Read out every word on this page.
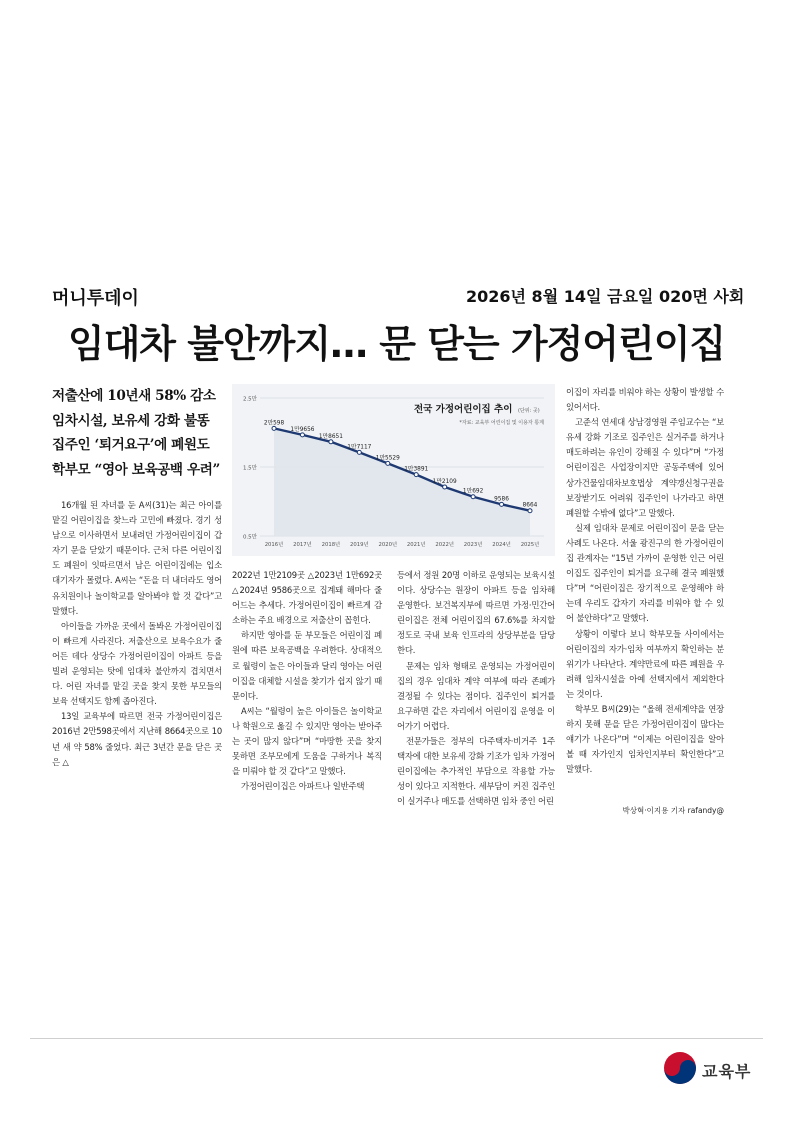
머니투데이	2026년 8월 14일 금요일 020면 사회
임대차 불안까지… 문 닫는 가정어린이집
저출산에 10년새 58% 감소
임차시설, 보유세 강화 불똥
집주인 ‘퇴거요구’에 폐원도
학부모 “영아 보육공백 우려”
0.5만
1.5만
2.5만
2만598
2016년
1만9656
2017년
1만8651
2018년
1만7117
2019년
1만5529
2020년
1만3891
2021년
1만2109
2022년
1만692
2023년
9586
2024년
8664
2025년
전국 가정어린이집 추이 (단위: 곳)
*자료: 교육부 어린이집 및 이용자 통계

16개월 된 자녀를 둔 A씨(31)는 최근 아이를 맡길 어린이집을 찾느라 고민에 빠졌다. 경기 성남으로 이사하면서 보내려던 가정어린이집이 갑자기 문을 닫았기 때문이다. 근처 다른 어린이집도 폐원이 잇따르면서 남은 어린이집에는 입소 대기자가 몰렸다. A씨는 “돈을 더 내더라도 영어유치원이나 놀이학교를 알아봐야 할 것 같다”고 말했다.

아이들을 가까운 곳에서 돌봐온 가정어린이집이 빠르게 사라진다. 저출산으로 보육수요가 줄어든 데다 상당수 가정어린이집이 아파트 등을 빌려 운영되는 탓에 임대차 불안까지 겹치면서다. 어린 자녀를 맡길 곳을 찾지 못한 부모들의 보육 선택지도 함께 좁아진다.

13일 교육부에 따르면 전국 가정어린이집은 2016년 2만598곳에서 지난해 8664곳으로 10년 새 약 58% 줄었다. 최근 3년간 문을 닫은 곳은 △

2022년 1만2109곳 △2023년 1만692곳 △2024년 9586곳으로 집계돼 해마다 줄어드는 추세다. 가정어린이집이 빠르게 감소하는 주요 배경으로 저출산이 꼽힌다.

하지만 영아를 둔 부모들은 어린이집 폐원에 따른 보육공백을 우려한다. 상대적으로 월령이 높은 아이들과 달리 영아는 어린이집을 대체할 시설을 찾기가 쉽지 않기 때문이다.

A씨는 “월령이 높은 아이들은 놀이학교나 학원으로 옮길 수 있지만 영아는 받아주는 곳이 많지 않다”며 “마땅한 곳을 찾지 못하면 조부모에게 도움을 구하거나 복직을 미뤄야 할 것 같다”고 말했다.

가정어린이집은 아파트나 일반주택

등에서 정원 20명 이하로 운영되는 보육시설이다. 상당수는 원장이 아파트 등을 임차해 운영한다. 보건복지부에 따르면 가정·민간어린이집은 전체 어린이집의 67.6%를 차지할 정도로 국내 보육 인프라의 상당부분을 담당한다.

문제는 임차 형태로 운영되는 가정어린이집의 경우 임대차 계약 여부에 따라 존폐가 결정될 수 있다는 점이다. 집주인이 퇴거를 요구하면 같은 자리에서 어린이집 운영을 이어가기 어렵다.

전문가들은 정부의 다주택자·비거주 1주택자에 대한 보유세 강화 기조가 임차 가정어린이집에는 추가적인 부담으로 작용할 가능성이 있다고 지적한다. 세부담이 커진 집주인이 실거주나 매도를 선택하면 임차 중인 어린

이집이 자리를 비워야 하는 상황이 발생할 수 있어서다.

고준석 연세대 상남경영원 주임교수는 “보유세 강화 기조로 집주인은 실거주를 하거나 매도하려는 유인이 강해질 수 있다”며 “가정어린이집은 사업장이지만 공동주택에 있어 상가건물임대차보호법상 계약갱신청구권을 보장받기도 어려워 집주인이 나가라고 하면 폐원할 수밖에 없다”고 말했다.

실제 임대차 문제로 어린이집이 문을 닫는 사례도 나온다. 서울 광진구의 한 가정어린이집 관계자는 “15년 가까이 운영한 인근 어린이집도 집주인이 퇴거를 요구해 결국 폐원했다”며 “어린이집은 장기적으로 운영해야 하는데 우리도 갑자기 자리를 비워야 할 수 있어 불안하다”고 말했다.

상황이 이렇다 보니 학부모들 사이에서는 어린이집의 자가·임차 여부까지 확인하는 분위기가 나타난다. 계약만료에 따른 폐원을 우려해 임차시설을 아예 선택지에서 제외한다는 것이다.

학부모 B씨(29)는 “올해 전세계약을 연장하지 못해 문을 닫은 가정어린이집이 많다는 얘기가 나온다”며 “이제는 어린이집을 알아볼 때 자가인지 임차인지부터 확인한다”고 말했다.

박상혁·이지용 기자 rafandy@
교육부
